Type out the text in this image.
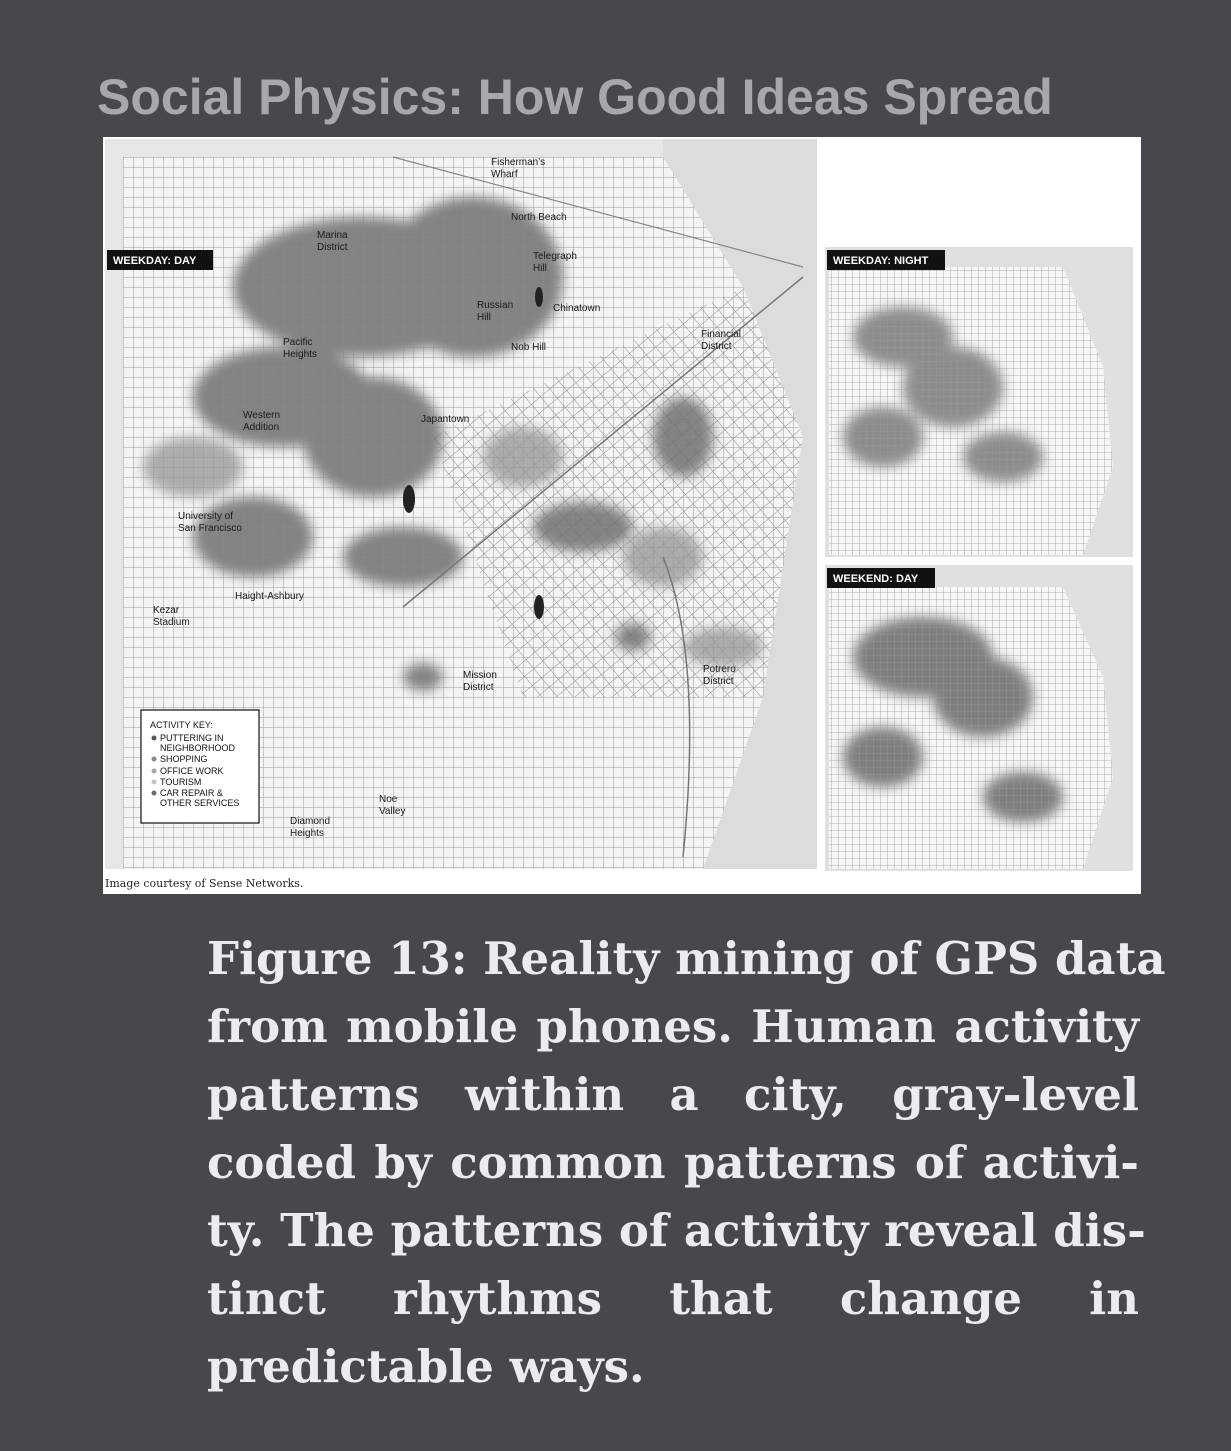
Social Physics: How Good Ideas Spread
WEEKDAY: DAY
Fisherman's
Wharf
North Beach
Marina
District
Telegraph
Hill
Russian
Hill
Chinatown
Nob Hill
Financial
District
Pacific
Heights
Western
Addition
Japantown
University of
San Francisco
Haight-Ashbury
Kezar
Stadium
Mission
District
Potrero
District
Noe
Valley
Diamond
Heights
ACTIVITY KEY:
PUTTERING IN
NEIGHBORHOOD
SHOPPING
OFFICE WORK
TOURISM
CAR REPAIR &
OTHER SERVICES
Image courtesy of Sense Networks.
WEEKDAY: NIGHT
WEEKEND: DAY
Figure 13: Reality mining of GPS data
from mobile phones. Human activity
patterns within a city, gray-level
coded by common patterns of activi-
ty. The patterns of activity reveal dis-
tinct rhythms that change in
predictable ways.
